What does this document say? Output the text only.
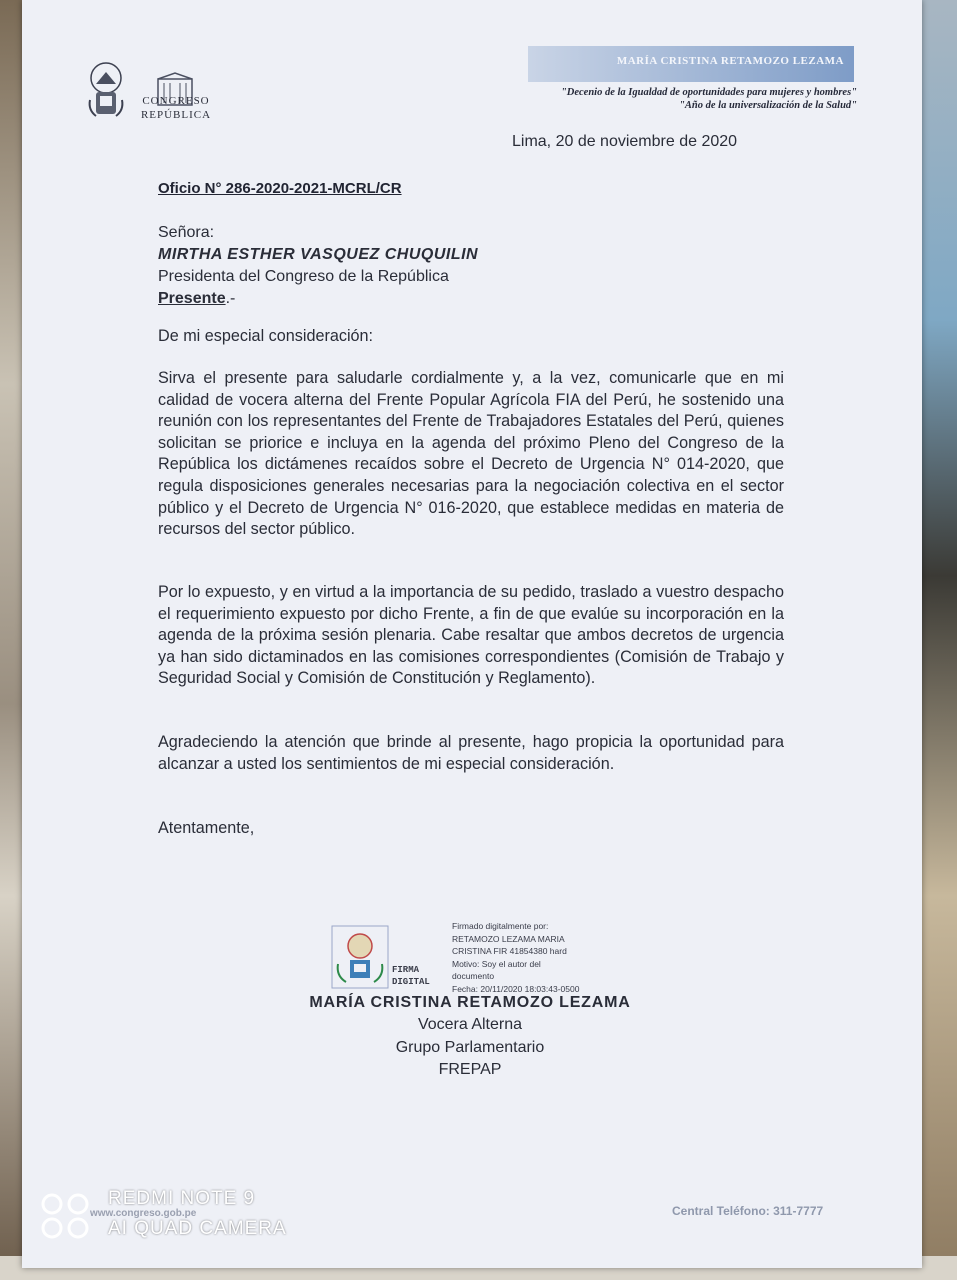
CONGRESO
REPÚBLICA
MARÍA CRISTINA RETAMOZO LEZAMA
"Decenio de la Igualdad de oportunidades para mujeres y hombres"
"Año de la universalización de la Salud"
Lima, 20 de noviembre de 2020
Oficio N° 286-2020-2021-MCRL/CR
Señora:
MIRTHA ESTHER VASQUEZ CHUQUILIN
Presidenta del Congreso de la República
Presente.-
De mi especial consideración:
Sirva el presente para saludarle cordialmente y, a la vez, comunicarle que en mi calidad de vocera alterna del Frente Popular Agrícola FIA del Perú, he sostenido una reunión con los representantes del Frente de Trabajadores Estatales del Perú, quienes solicitan se priorice e incluya en la agenda del próximo Pleno del Congreso de la República los dictámenes recaídos sobre el Decreto de Urgencia N° 014-2020, que regula disposiciones generales necesarias para la negociación colectiva en el sector público y el Decreto de Urgencia N° 016-2020, que establece medidas en materia de recursos del sector público.
Por lo expuesto, y en virtud a la importancia de su pedido, traslado a vuestro despacho el requerimiento expuesto por dicho Frente, a fin de que evalúe su incorporación en la agenda de la próxima sesión plenaria. Cabe resaltar que ambos decretos de urgencia ya han sido dictaminados en las comisiones correspondientes (Comisión de Trabajo y Seguridad Social y Comisión de Constitución y Reglamento).
Agradeciendo la atención que brinde al presente, hago propicia la oportunidad para alcanzar a usted los sentimientos de mi especial consideración.
Atentamente,
FIRMA DIGITAL
Firmado digitalmente por:
RETAMOZO LEZAMA MARIA
CRISTINA FIR 41854380 hard
Motivo: Soy el autor del
documento
Fecha: 20/11/2020 18:03:43-0500
MARÍA CRISTINA RETAMOZO LEZAMA
Vocera Alterna
Grupo Parlamentario
FREPAP
www.congreso.gob.pe	Central Teléfono: 311-7777
REDMI NOTE 9
AI QUAD CAMERA
